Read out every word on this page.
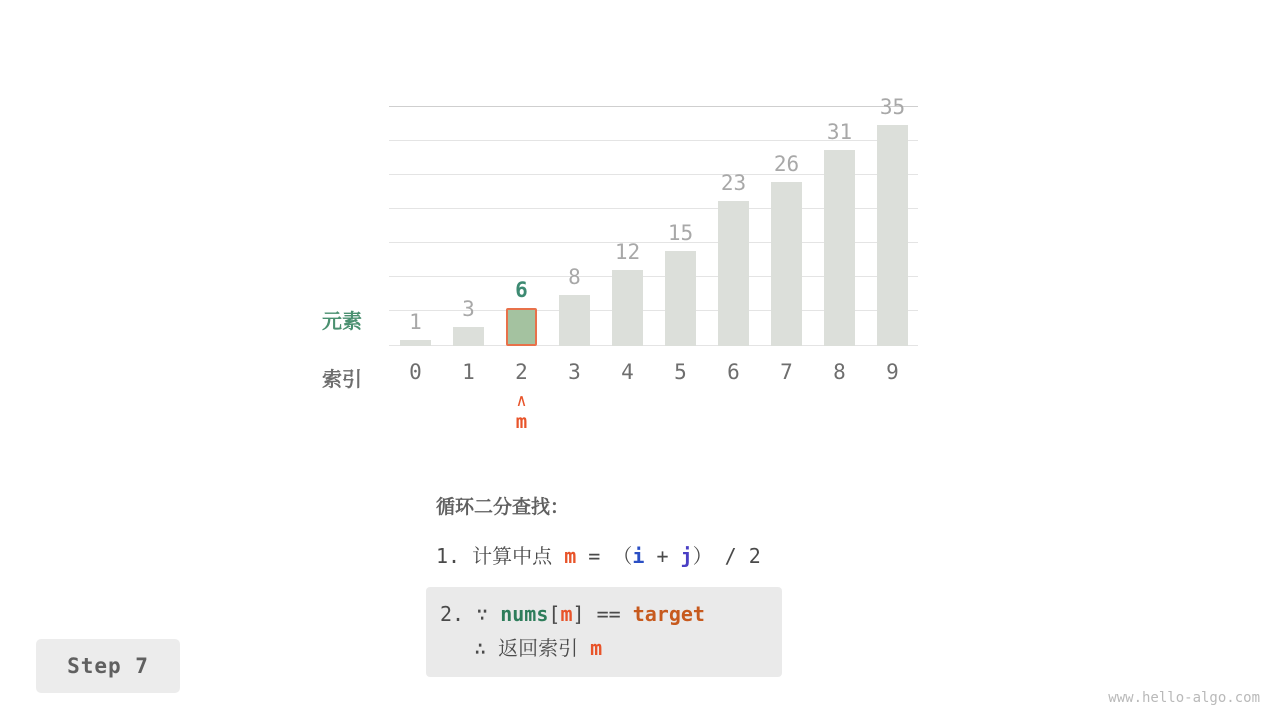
1
3
6
8
12
15
23
26
31
35
元素
索引	0	1	2	3	4	5	6	7	8	9
∧
m
循环二分查找：
1. 计算中点 m = （i + j） / 2
2. ∵ nums[m] == target
∴ 返回索引 m
Step 7
www.hello-algo.com
